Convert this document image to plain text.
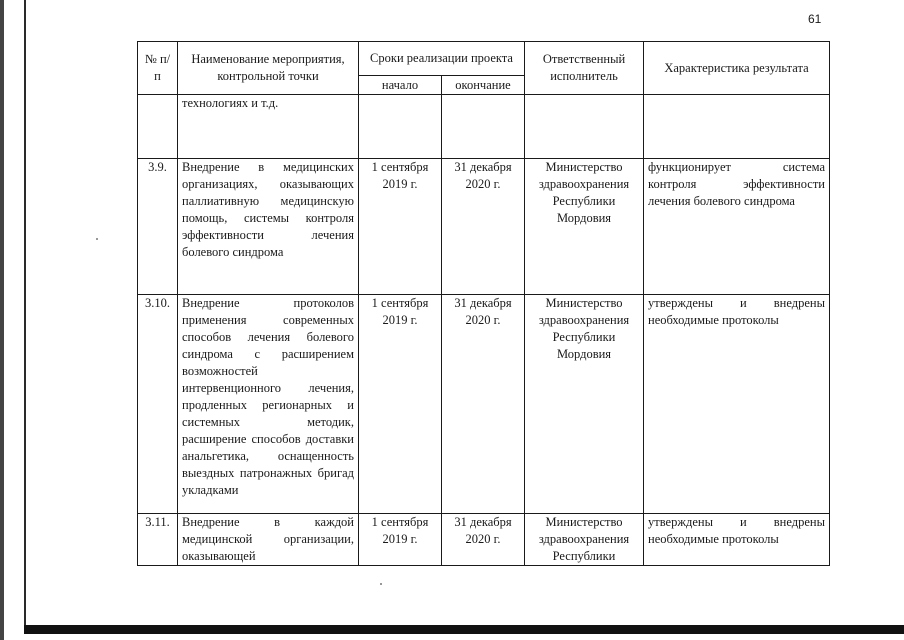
61
№ п/п	Наименование мероприятия, контрольной точки	Сроки реализации проекта		Ответственный исполнитель	Характеристика результата
		начало	окончание		
	технологиях и т.д.				
3.9.	Внедрение в медицинских организациях, оказывающих паллиативную медицинскую помощь, системы контроля эффективности лечения болевого синдрома	1 сентября 2019 г.	31 декабря 2020 г.	Министерство здравоохранения Республики Мордовия	функционирует система контроля эффективности лечения болевого синдрома
3.10.	Внедрение протоколов применения современных способов лечения болевого синдрома с расширением возможностей интервенционного лечения, продленных регионарных и системных методик, расширение способов доставки анальгетика, оснащенность выездных патронажных бригад укладками	1 сентября 2019 г.	31 декабря 2020 г.	Министерство здравоохранения Республики Мордовия	утверждены и внедрены необходимые протоколы
3.11.	Внедрение в каждой медицинской организации, оказывающей	1 сентября 2019 г.	31 декабря 2020 г.	Министерство здравоохранения Республики	утверждены и внедрены необходимые протоколы
